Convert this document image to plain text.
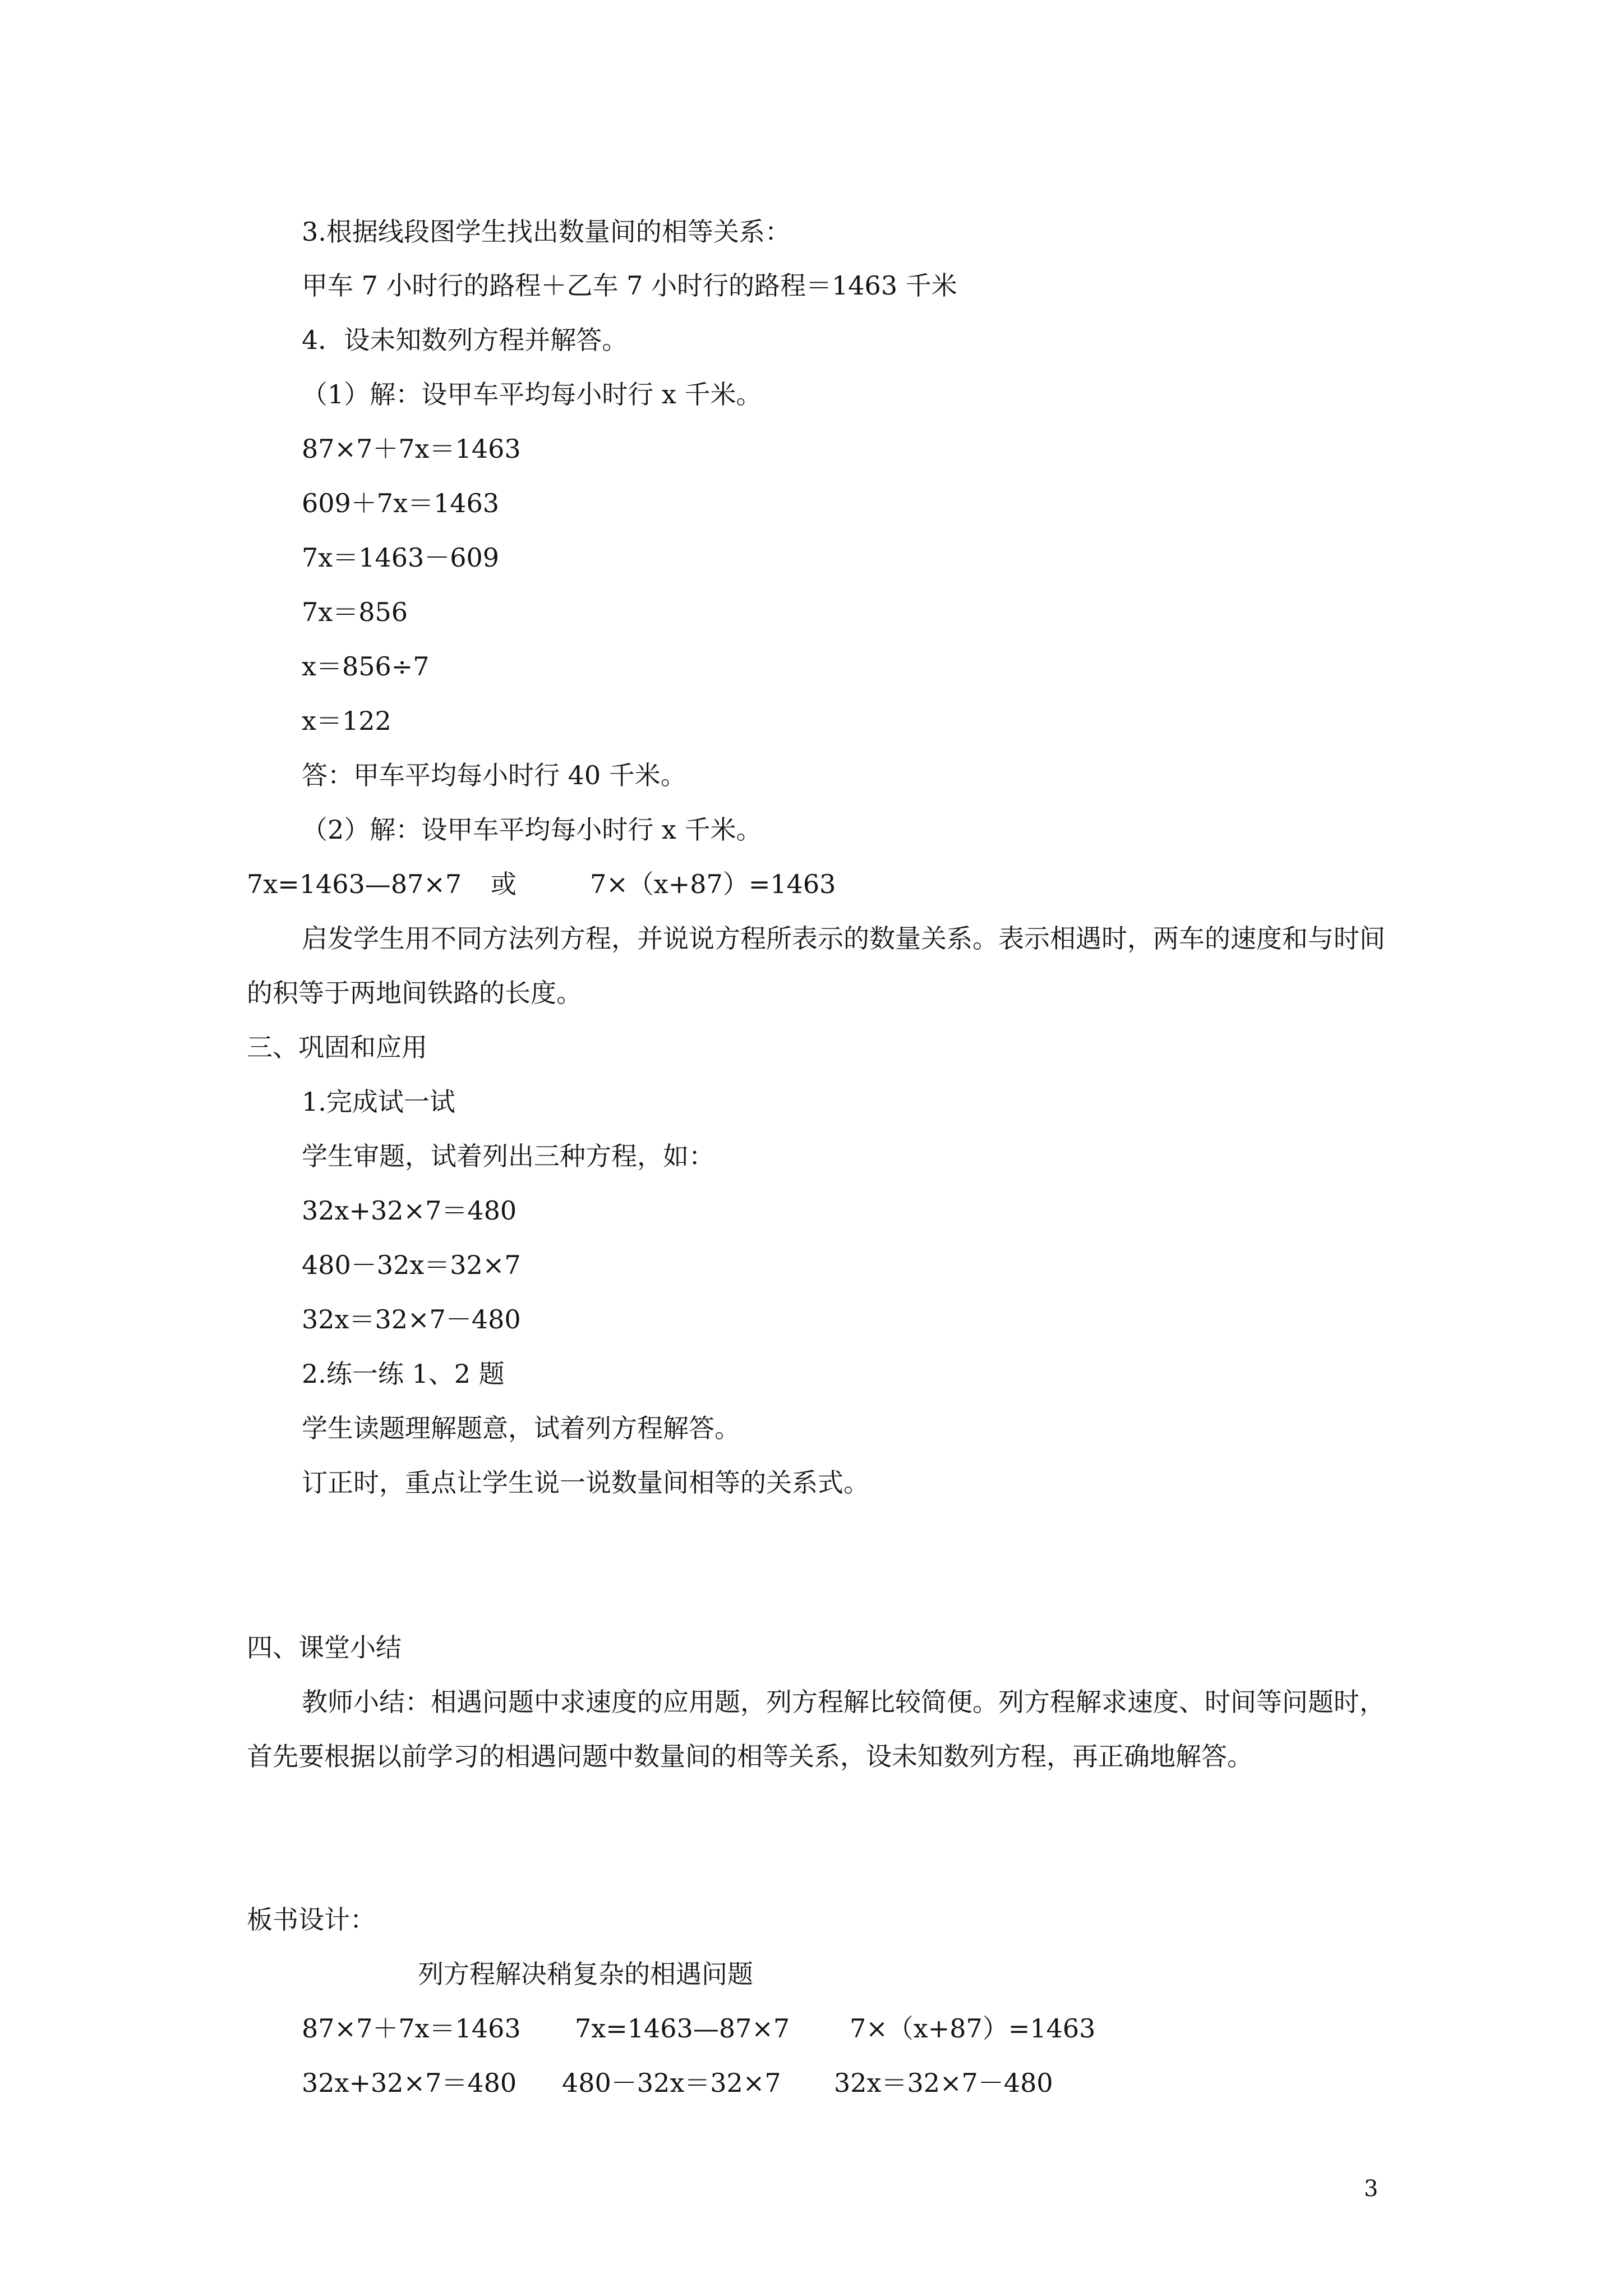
3.根据线段图学生找出数量间的相等关系：
甲车 7 小时行的路程＋乙车 7 小时行的路程＝1463 千米
4．设未知数列方程并解答。
（1）解：设甲车平均每小时行 x 千米。
87×7＋7x＝1463
609＋7x＝1463
7x＝1463－609
7x＝856
x＝856÷7
x＝122
答：甲车平均每小时行 40 千米。
（2）解：设甲车平均每小时行 x 千米。
7x=1463—87×7 或	7×（x+87）=1463
启发学生用不同方法列方程，并说说方程所表示的数量关系。表示相遇时，两车的速度和与时间的积等于两地间铁路的长度。
三、巩固和应用
1.完成试一试
学生审题，试着列出三种方程，如：
32x+32×7＝480
480－32x＝32×7
32x＝32×7－480
2.练一练 1、2 题
学生读题理解题意，试着列方程解答。
订正时，重点让学生说一说数量间相等的关系式。
四、课堂小结
教师小结：相遇问题中求速度的应用题，列方程解比较简便。列方程解求速度、时间等问题时，首先要根据以前学习的相遇问题中数量间的相等关系，设未知数列方程，再正确地解答。
板书设计：
列方程解决稍复杂的相遇问题
87×7＋7x＝1463 7x=1463—87×7 7×（x+87）=1463
32x+32×7＝480 480－32x＝32×7 32x＝32×7－480
3
